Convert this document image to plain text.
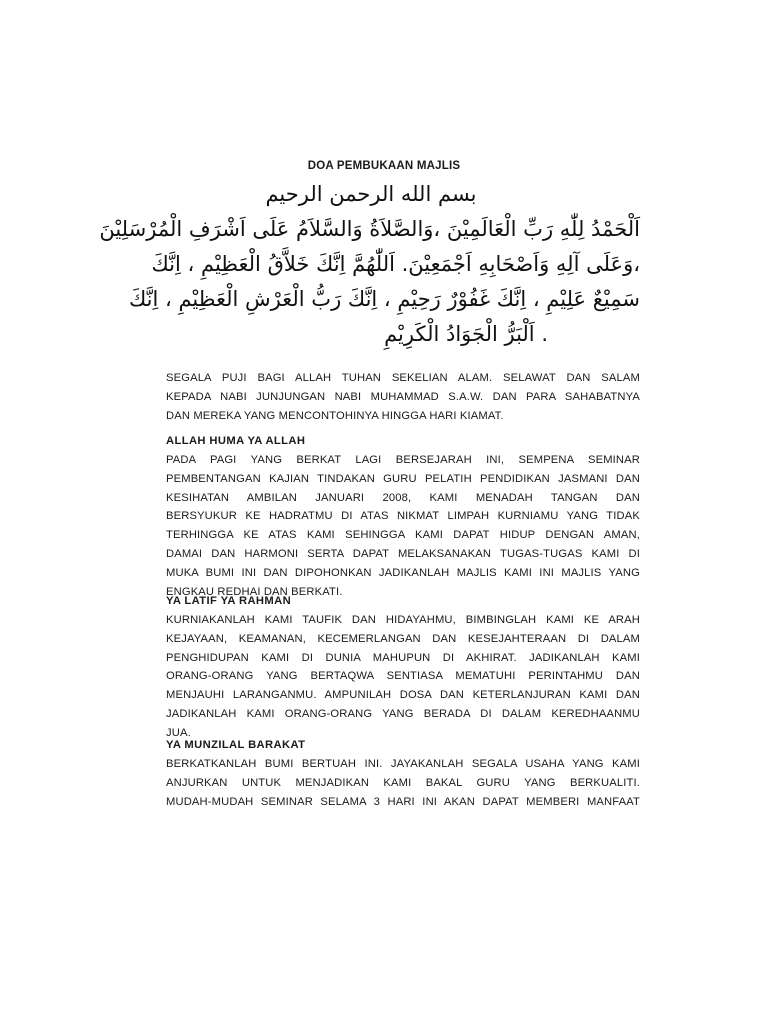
DOA PEMBUKAAN MAJLIS
بسم الله الرحمن الرحيم
اَلْحَمْدُ لِلّٰهِ رَبِّ الْعَالَمِيْنَ ،وَالصَّلاَةُ وَالسَّلاَمُ عَلَى اَشْرَفِ الْمُرْسَلِيْنَ
،وَعَلَى آلِهِ وَاَصْحَابِهِ اَجْمَعِيْنَ. اَللّٰهُمَّ اِنَّكَ خَلاَّقُ الْعَظِيْمِ ، اِنَّكَ
سَمِيْعٌ عَلِيْمِ ، اِنَّكَ غَفُوْرٌ رَحِيْمِ ، اِنَّكَ رَبُّ الْعَرْشِ الْعَظِيْمِ ، اِنَّكَ
. اَلْبَرُّ الْجَوَادُ الْكَرِيْمِ
SEGALA PUJI BAGI ALLAH TUHAN SEKELIAN ALAM. SELAWAT DAN SALAM
KEPADA NABI JUNJUNGAN NABI MUHAMMAD S.A.W. DAN PARA SAHABATNYA
DAN MEREKA YANG MENCONTOHINYA HINGGA HARI KIAMAT.
ALLAH HUMA YA ALLAH
PADA PAGI YANG BERKAT LAGI BERSEJARAH INI, SEMPENA SEMINAR
PEMBENTANGAN KAJIAN TINDAKAN GURU PELATIH PENDIDIKAN JASMANI DAN
KESIHATAN AMBILAN JANUARI 2008, KAMI MENADAH TANGAN DAN
BERSYUKUR KE HADRATMU DI ATAS NIKMAT LIMPAH KURNIAMU YANG TIDAK
TERHINGGA KE ATAS KAMI SEHINGGA KAMI DAPAT HIDUP DENGAN AMAN,
DAMAI DAN HARMONI SERTA DAPAT MELAKSANAKAN TUGAS-TUGAS KAMI DI
MUKA BUMI INI DAN DIPOHONKAN JADIKANLAH MAJLIS KAMI INI MAJLIS YANG
ENGKAU REDHAI DAN BERKATI.
YA LATIF YA RAHMAN
KURNIAKANLAH KAMI TAUFIK DAN HIDAYAHMU, BIMBINGLAH KAMI KE ARAH
KEJAYAAN, KEAMANAN, KECEMERLANGAN DAN KESEJAHTERAAN DI DALAM
PENGHIDUPAN KAMI DI DUNIA MAHUPUN DI AKHIRAT. JADIKANLAH KAMI
ORANG-ORANG YANG BERTAQWA SENTIASA MEMATUHI PERINTAHMU DAN
MENJAUHI LARANGANMU. AMPUNILAH DOSA DAN KETERLANJURAN KAMI DAN
JADIKANLAH KAMI ORANG-ORANG YANG BERADA DI DALAM KEREDHAANMU
JUA.
YA MUNZILAL BARAKAT
BERKATKANLAH BUMI BERTUAH INI. JAYAKANLAH SEGALA USAHA YANG KAMI
ANJURKAN UNTUK MENJADIKAN KAMI BAKAL GURU YANG BERKUALITI.
MUDAH-MUDAH SEMINAR SELAMA 3 HARI INI AKAN DAPAT MEMBERI MANFAAT
